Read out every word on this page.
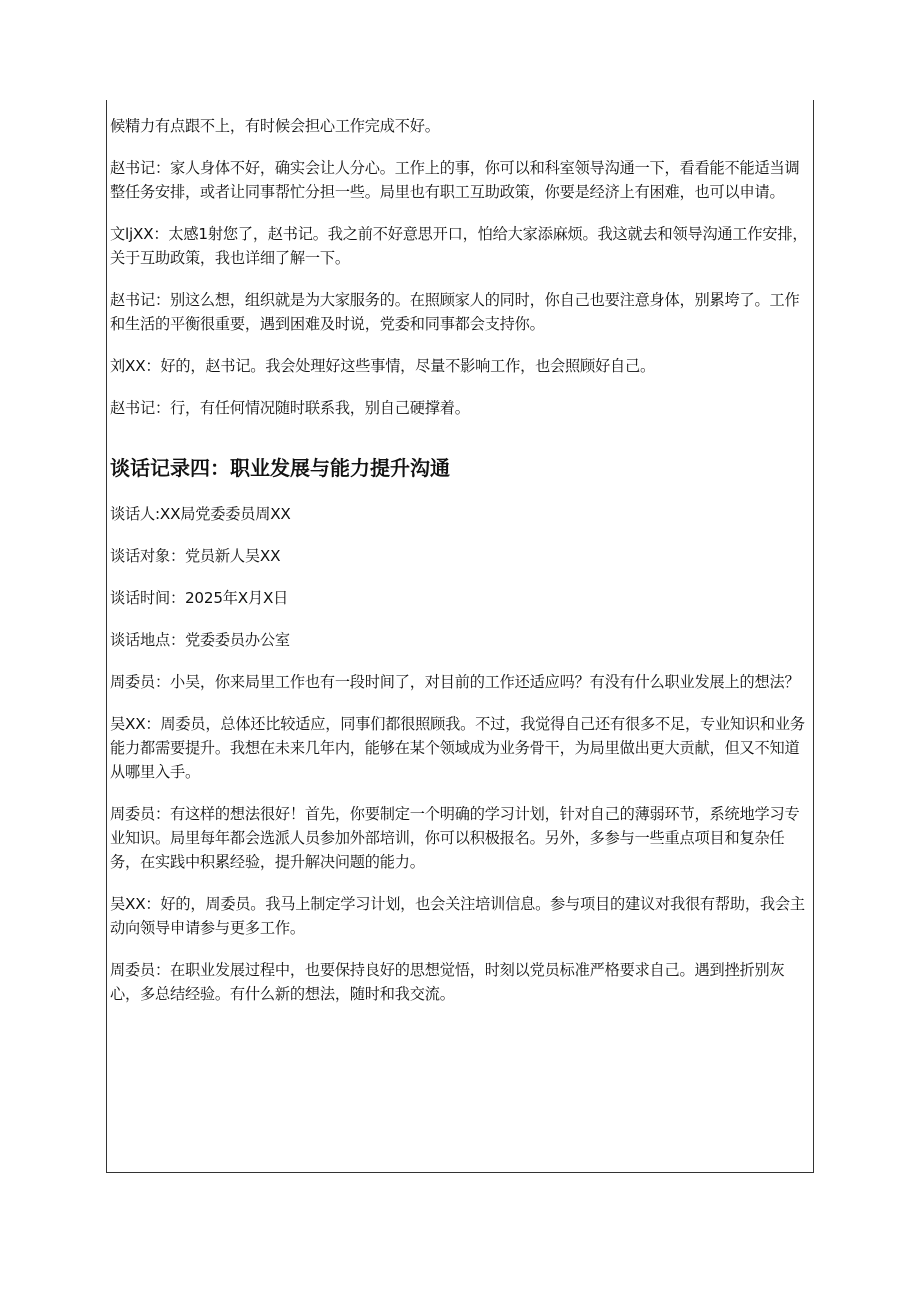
候精力有点跟不上，有时候会担心工作完成不好。

赵书记：家人身体不好，确实会让人分心。工作上的事，你可以和科室领导沟通一下，看看能不能适当调整任务安排，或者让同事帮忙分担一些。局里也有职工互助政策，你要是经济上有困难，也可以申请。

文ljXX：太感1射您了，赵书记。我之前不好意思开口，怕给大家添麻烦。我这就去和领导沟通工作安排，关于互助政策，我也详细了解一下。

赵书记：别这么想，组织就是为大家服务的。在照顾家人的同时，你自己也要注意身体，别累垮了。工作和生活的平衡很重要，遇到困难及时说，党委和同事都会支持你。

刘XX：好的，赵书记。我会处理好这些事情，尽量不影响工作，也会照顾好自己。

赵书记：行，有任何情况随时联系我，别自己硬撑着。

谈话记录四：职业发展与能力提升沟通

谈话人:XX局党委委员周XX

谈话对象：党员新人吴XX

谈话时间：2025年X月X日

谈话地点：党委委员办公室

周委员：小吴，你来局里工作也有一段时间了，对目前的工作还适应吗？有没有什么职业发展上的想法？

吴XX：周委员，总体还比较适应，同事们都很照顾我。不过，我觉得自己还有很多不足，专业知识和业务能力都需要提升。我想在未来几年内，能够在某个领域成为业务骨干，为局里做出更大贡献，但又不知道从哪里入手。

周委员：有这样的想法很好！首先，你要制定一个明确的学习计划，针对自己的薄弱环节，系统地学习专业知识。局里每年都会选派人员参加外部培训，你可以积极报名。另外，多参与一些重点项目和复杂任务，在实践中积累经验，提升解决问题的能力。

吴XX：好的，周委员。我马上制定学习计划，也会关注培训信息。参与项目的建议对我很有帮助，我会主动向领导申请参与更多工作。

周委员：在职业发展过程中，也要保持良好的思想觉悟，时刻以党员标准严格要求自己。遇到挫折别灰心，多总结经验。有什么新的想法，随时和我交流。
